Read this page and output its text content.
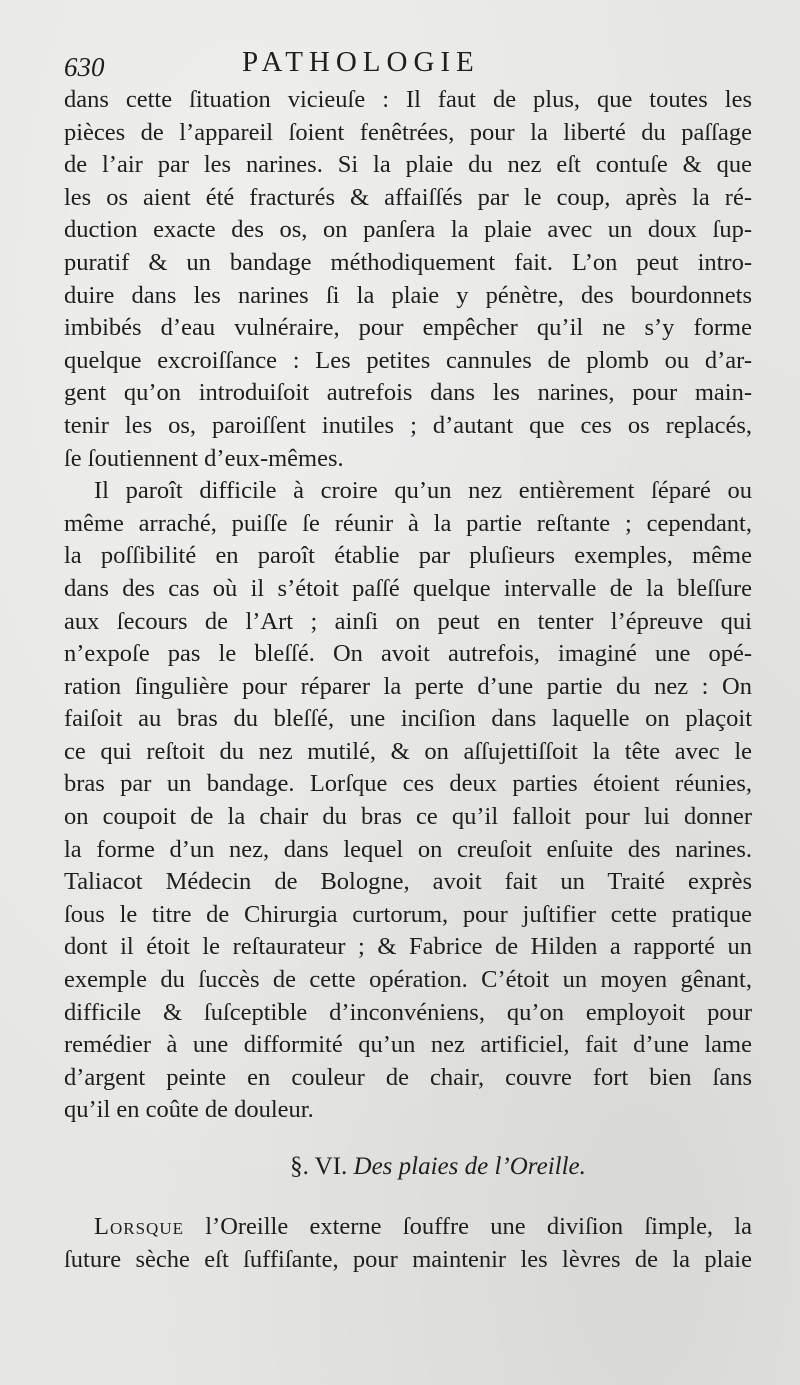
630	PATHOLOGIE
dans cette ſituation vicieuſe : Il faut de plus, que toutes les
pièces de l’appareil ſoient fenêtrées, pour la liberté du paſſage
de l’air par les narines. Si la plaie du nez eſt contuſe & que
les os aient été fracturés & affaiſſés par le coup, après la ré-
duction exacte des os, on panſera la plaie avec un doux ſup-
puratif & un bandage méthodiquement fait. L’on peut intro-
duire dans les narines ſi la plaie y pénètre, des bourdonnets
imbibés d’eau vulnéraire, pour empêcher qu’il ne s’y forme
quelque excroiſſance : Les petites cannules de plomb ou d’ar-
gent qu’on introduiſoit autrefois dans les narines, pour main-
tenir les os, paroiſſent inutiles ; d’autant que ces os replacés,
ſe ſoutiennent d’eux-mêmes.
Il paroît difficile à croire qu’un nez entièrement ſéparé ou
même arraché, puiſſe ſe réunir à la partie reſtante ; cependant,
la poſſibilité en paroît établie par pluſieurs exemples, même
dans des cas où il s’étoit paſſé quelque intervalle de la bleſſure
aux ſecours de l’Art ; ainſi on peut en tenter l’épreuve qui
n’expoſe pas le bleſſé. On avoit autrefois, imaginé une opé-
ration ſingulière pour réparer la perte d’une partie du nez : On
faiſoit au bras du bleſſé, une inciſion dans laquelle on plaçoit
ce qui reſtoit du nez mutilé, & on aſſujettiſſoit la tête avec le
bras par un bandage. Lorſque ces deux parties étoient réunies,
on coupoit de la chair du bras ce qu’il falloit pour lui donner
la forme d’un nez, dans lequel on creuſoit enſuite des narines.
Taliacot Médecin de Bologne, avoit fait un Traité exprès
ſous le titre de Chirurgia curtorum, pour juſtifier cette pratique
dont il étoit le reſtaurateur ; & Fabrice de Hilden a rapporté un
exemple du ſuccès de cette opération. C’étoit un moyen gênant,
difficile & ſuſceptible d’inconvéniens, qu’on employoit pour
remédier à une difformité qu’un nez artificiel, fait d’une lame
d’argent peinte en couleur de chair, couvre fort bien ſans
qu’il en coûte de douleur.
§. VI. Des plaies de l’Oreille.
Lorsque l’Oreille externe ſouffre une diviſion ſimple, la
ſuture sèche eſt ſuffiſante, pour maintenir les lèvres de la plaie
